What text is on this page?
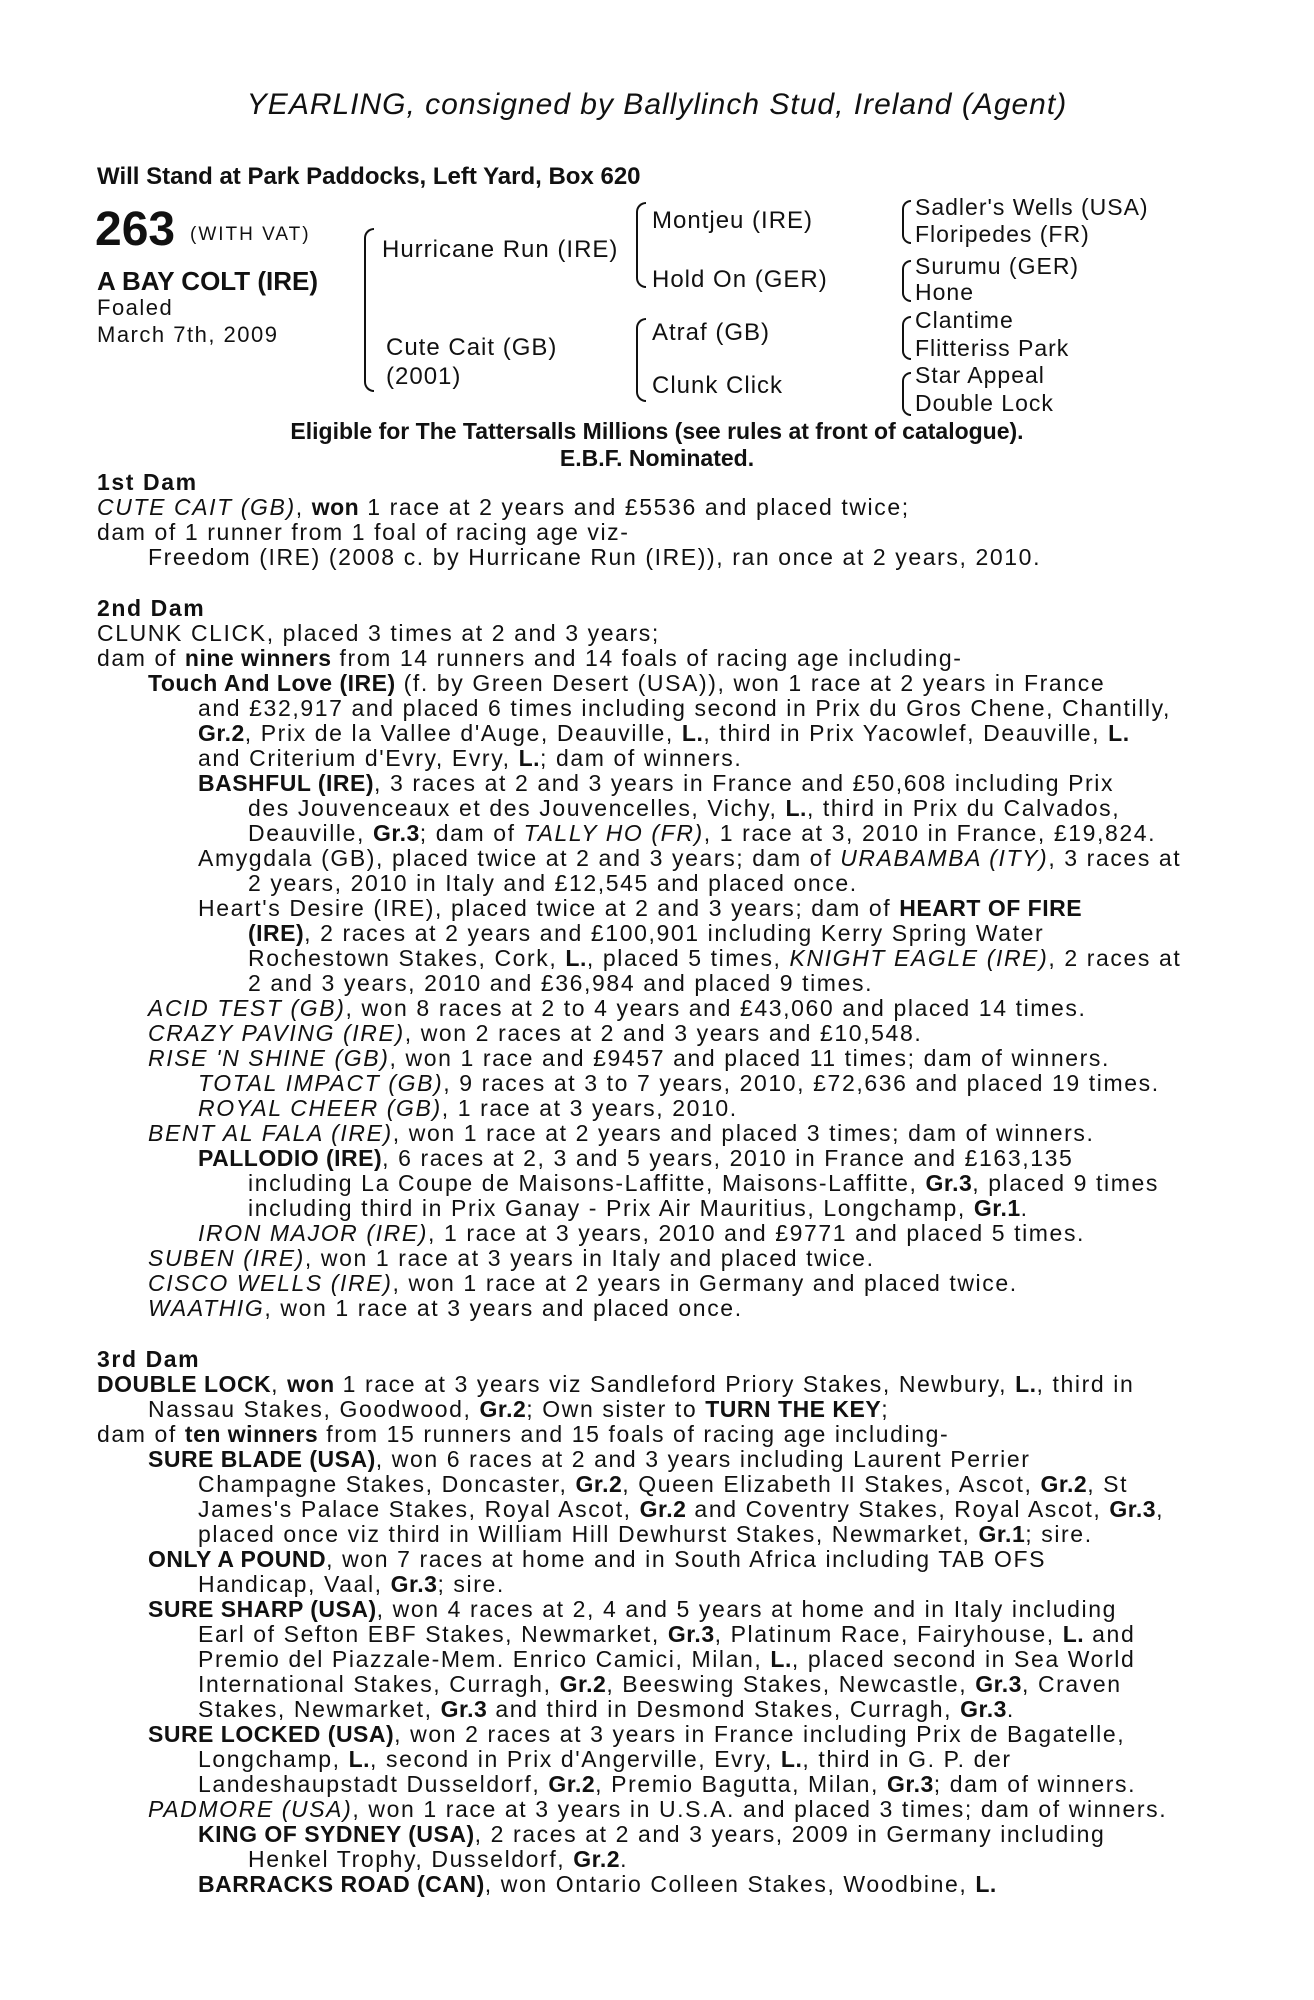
YEARLING, consigned by Ballylinch Stud, Ireland (Agent)
Will Stand at Park Paddocks, Left Yard, Box 620
263 (WITH VAT)
A BAY COLT (IRE)
Foaled
March 7th, 2009
Hurricane Run (IRE)
Cute Cait (GB)
(2001)
Montjeu (IRE)
Hold On (GER)
Atraf (GB)
Clunk Click
Sadler's Wells (USA)
Floripedes (FR)
Surumu (GER)
Hone
Clantime
Flitteriss Park
Star Appeal
Double Lock
Eligible for The Tattersalls Millions (see rules at front of catalogue).
E.B.F. Nominated.
1st Dam
CUTE CAIT (GB), won 1 race at 2 years and £5536 and placed twice;
dam of 1 runner from 1 foal of racing age viz-
Freedom (IRE) (2008 c. by Hurricane Run (IRE)), ran once at 2 years, 2010.
2nd Dam
CLUNK CLICK, placed 3 times at 2 and 3 years;
dam of nine winners from 14 runners and 14 foals of racing age including-
Touch And Love (IRE) (f. by Green Desert (USA)), won 1 race at 2 years in France
and £32,917 and placed 6 times including second in Prix du Gros Chene, Chantilly,
Gr.2, Prix de la Vallee d'Auge, Deauville, L., third in Prix Yacowlef, Deauville, L.
and Criterium d'Evry, Evry, L.; dam of winners.
BASHFUL (IRE), 3 races at 2 and 3 years in France and £50,608 including Prix
des Jouvenceaux et des Jouvencelles, Vichy, L., third in Prix du Calvados,
Deauville, Gr.3; dam of TALLY HO (FR), 1 race at 3, 2010 in France, £19,824.
Amygdala (GB), placed twice at 2 and 3 years; dam of URABAMBA (ITY), 3 races at
2 years, 2010 in Italy and £12,545 and placed once.
Heart's Desire (IRE), placed twice at 2 and 3 years; dam of HEART OF FIRE
(IRE), 2 races at 2 years and £100,901 including Kerry Spring Water
Rochestown Stakes, Cork, L., placed 5 times, KNIGHT EAGLE (IRE), 2 races at
2 and 3 years, 2010 and £36,984 and placed 9 times.
ACID TEST (GB), won 8 races at 2 to 4 years and £43,060 and placed 14 times.
CRAZY PAVING (IRE), won 2 races at 2 and 3 years and £10,548.
RISE 'N SHINE (GB), won 1 race and £9457 and placed 11 times; dam of winners.
TOTAL IMPACT (GB), 9 races at 3 to 7 years, 2010, £72,636 and placed 19 times.
ROYAL CHEER (GB), 1 race at 3 years, 2010.
BENT AL FALA (IRE), won 1 race at 2 years and placed 3 times; dam of winners.
PALLODIO (IRE), 6 races at 2, 3 and 5 years, 2010 in France and £163,135
including La Coupe de Maisons-Laffitte, Maisons-Laffitte, Gr.3, placed 9 times
including third in Prix Ganay - Prix Air Mauritius, Longchamp, Gr.1.
IRON MAJOR (IRE), 1 race at 3 years, 2010 and £9771 and placed 5 times.
SUBEN (IRE), won 1 race at 3 years in Italy and placed twice.
CISCO WELLS (IRE), won 1 race at 2 years in Germany and placed twice.
WAATHIG, won 1 race at 3 years and placed once.
3rd Dam
DOUBLE LOCK, won 1 race at 3 years viz Sandleford Priory Stakes, Newbury, L., third in
Nassau Stakes, Goodwood, Gr.2; Own sister to TURN THE KEY;
dam of ten winners from 15 runners and 15 foals of racing age including-
SURE BLADE (USA), won 6 races at 2 and 3 years including Laurent Perrier
Champagne Stakes, Doncaster, Gr.2, Queen Elizabeth II Stakes, Ascot, Gr.2, St
James's Palace Stakes, Royal Ascot, Gr.2 and Coventry Stakes, Royal Ascot, Gr.3,
placed once viz third in William Hill Dewhurst Stakes, Newmarket, Gr.1; sire.
ONLY A POUND, won 7 races at home and in South Africa including TAB OFS
Handicap, Vaal, Gr.3; sire.
SURE SHARP (USA), won 4 races at 2, 4 and 5 years at home and in Italy including
Earl of Sefton EBF Stakes, Newmarket, Gr.3, Platinum Race, Fairyhouse, L. and
Premio del Piazzale-Mem. Enrico Camici, Milan, L., placed second in Sea World
International Stakes, Curragh, Gr.2, Beeswing Stakes, Newcastle, Gr.3, Craven
Stakes, Newmarket, Gr.3 and third in Desmond Stakes, Curragh, Gr.3.
SURE LOCKED (USA), won 2 races at 3 years in France including Prix de Bagatelle,
Longchamp, L., second in Prix d'Angerville, Evry, L., third in G. P. der
Landeshaupstadt Dusseldorf, Gr.2, Premio Bagutta, Milan, Gr.3; dam of winners.
PADMORE (USA), won 1 race at 3 years in U.S.A. and placed 3 times; dam of winners.
KING OF SYDNEY (USA), 2 races at 2 and 3 years, 2009 in Germany including
Henkel Trophy, Dusseldorf, Gr.2.
BARRACKS ROAD (CAN), won Ontario Colleen Stakes, Woodbine, L.
